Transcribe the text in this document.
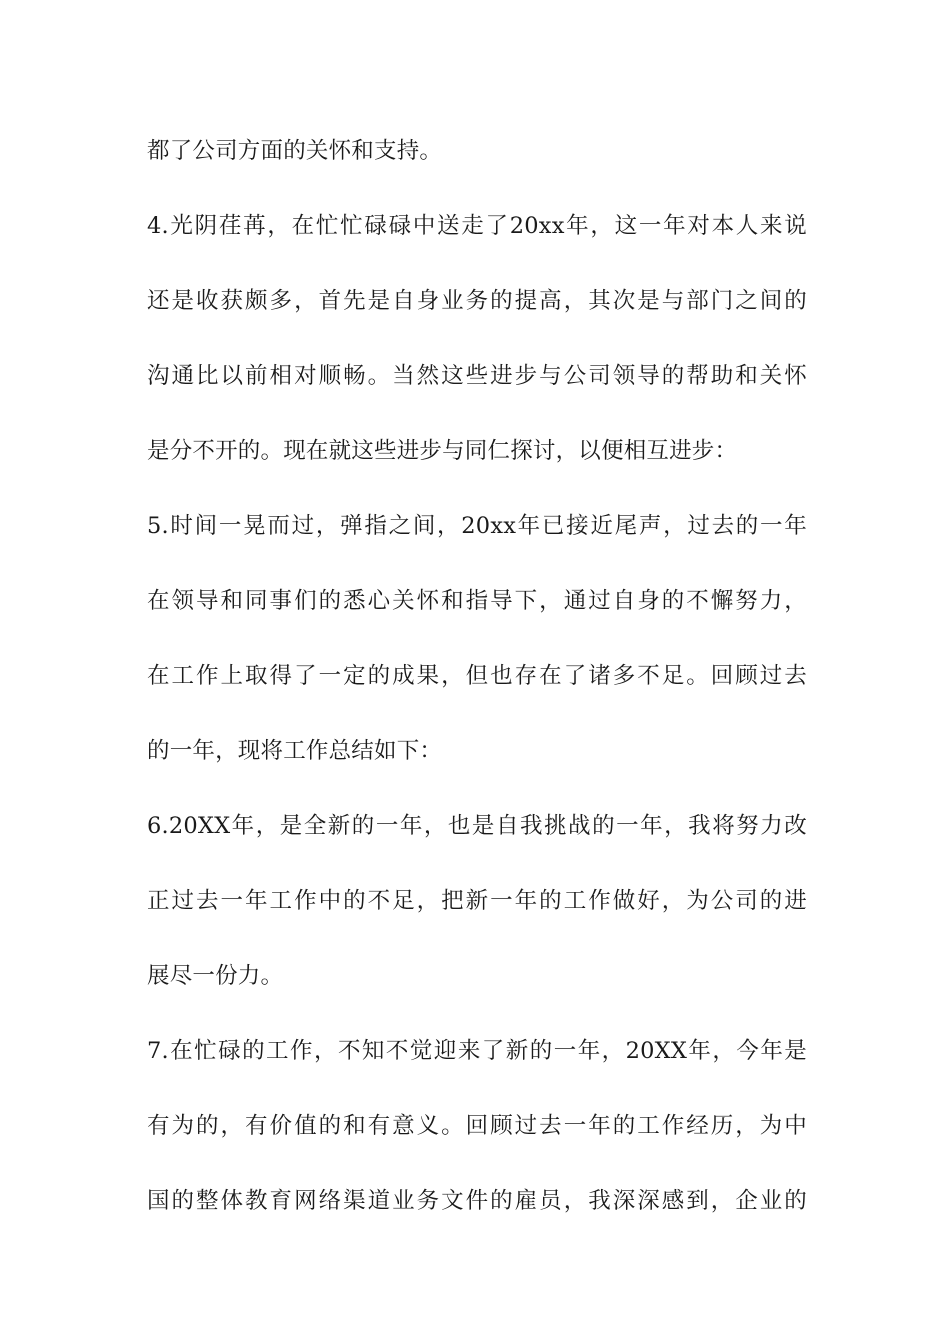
都了公司方面的关怀和支持。
4.光阴荏苒，在忙忙碌碌中送走了20xx年，这一年对本人来说
还是收获颇多，首先是自身业务的提高，其次是与部门之间的
沟通比以前相对顺畅。当然这些进步与公司领导的帮助和关怀
是分不开的。现在就这些进步与同仁探讨，以便相互进步：
5.时间一晃而过，弹指之间，20xx年已接近尾声，过去的一年
在领导和同事们的悉心关怀和指导下，通过自身的不懈努力，
在工作上取得了一定的成果，但也存在了诸多不足。回顾过去
的一年，现将工作总结如下：
6.20XX年，是全新的一年，也是自我挑战的一年，我将努力改
正过去一年工作中的不足，把新一年的工作做好，为公司的进
展尽一份力。
7.在忙碌的工作，不知不觉迎来了新的一年，20XX年，今年是
有为的，有价值的和有意义。回顾过去一年的工作经历，为中
国的整体教育网络渠道业务文件的雇员，我深深感到，企业的
